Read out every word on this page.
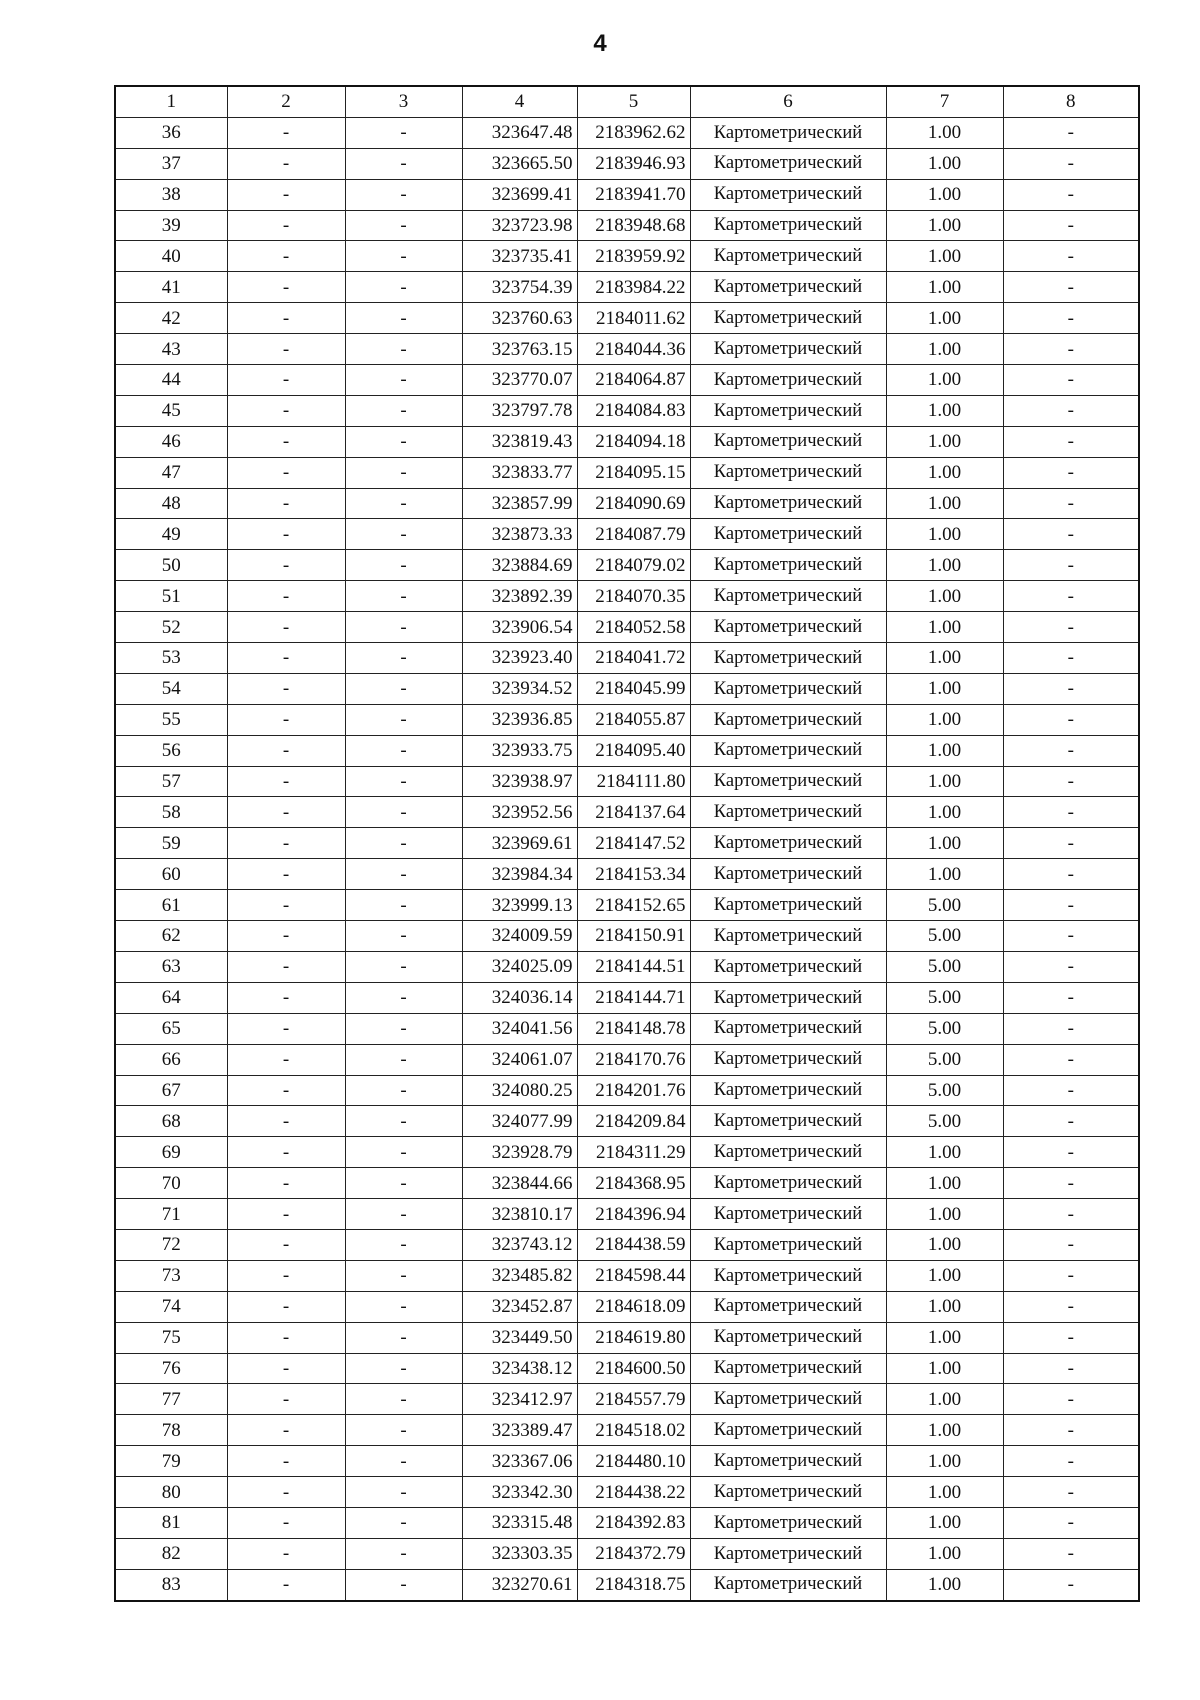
4
1	2	3	4	5	6	7	8
36	-	-	323647.48	2183962.62	Картометрический	1.00	-
37	-	-	323665.50	2183946.93	Картометрический	1.00	-
38	-	-	323699.41	2183941.70	Картометрический	1.00	-
39	-	-	323723.98	2183948.68	Картометрический	1.00	-
40	-	-	323735.41	2183959.92	Картометрический	1.00	-
41	-	-	323754.39	2183984.22	Картометрический	1.00	-
42	-	-	323760.63	2184011.62	Картометрический	1.00	-
43	-	-	323763.15	2184044.36	Картометрический	1.00	-
44	-	-	323770.07	2184064.87	Картометрический	1.00	-
45	-	-	323797.78	2184084.83	Картометрический	1.00	-
46	-	-	323819.43	2184094.18	Картометрический	1.00	-
47	-	-	323833.77	2184095.15	Картометрический	1.00	-
48	-	-	323857.99	2184090.69	Картометрический	1.00	-
49	-	-	323873.33	2184087.79	Картометрический	1.00	-
50	-	-	323884.69	2184079.02	Картометрический	1.00	-
51	-	-	323892.39	2184070.35	Картометрический	1.00	-
52	-	-	323906.54	2184052.58	Картометрический	1.00	-
53	-	-	323923.40	2184041.72	Картометрический	1.00	-
54	-	-	323934.52	2184045.99	Картометрический	1.00	-
55	-	-	323936.85	2184055.87	Картометрический	1.00	-
56	-	-	323933.75	2184095.40	Картометрический	1.00	-
57	-	-	323938.97	2184111.80	Картометрический	1.00	-
58	-	-	323952.56	2184137.64	Картометрический	1.00	-
59	-	-	323969.61	2184147.52	Картометрический	1.00	-
60	-	-	323984.34	2184153.34	Картометрический	1.00	-
61	-	-	323999.13	2184152.65	Картометрический	5.00	-
62	-	-	324009.59	2184150.91	Картометрический	5.00	-
63	-	-	324025.09	2184144.51	Картометрический	5.00	-
64	-	-	324036.14	2184144.71	Картометрический	5.00	-
65	-	-	324041.56	2184148.78	Картометрический	5.00	-
66	-	-	324061.07	2184170.76	Картометрический	5.00	-
67	-	-	324080.25	2184201.76	Картометрический	5.00	-
68	-	-	324077.99	2184209.84	Картометрический	5.00	-
69	-	-	323928.79	2184311.29	Картометрический	1.00	-
70	-	-	323844.66	2184368.95	Картометрический	1.00	-
71	-	-	323810.17	2184396.94	Картометрический	1.00	-
72	-	-	323743.12	2184438.59	Картометрический	1.00	-
73	-	-	323485.82	2184598.44	Картометрический	1.00	-
74	-	-	323452.87	2184618.09	Картометрический	1.00	-
75	-	-	323449.50	2184619.80	Картометрический	1.00	-
76	-	-	323438.12	2184600.50	Картометрический	1.00	-
77	-	-	323412.97	2184557.79	Картометрический	1.00	-
78	-	-	323389.47	2184518.02	Картометрический	1.00	-
79	-	-	323367.06	2184480.10	Картометрический	1.00	-
80	-	-	323342.30	2184438.22	Картометрический	1.00	-
81	-	-	323315.48	2184392.83	Картометрический	1.00	-
82	-	-	323303.35	2184372.79	Картометрический	1.00	-
83	-	-	323270.61	2184318.75	Картометрический	1.00	-
